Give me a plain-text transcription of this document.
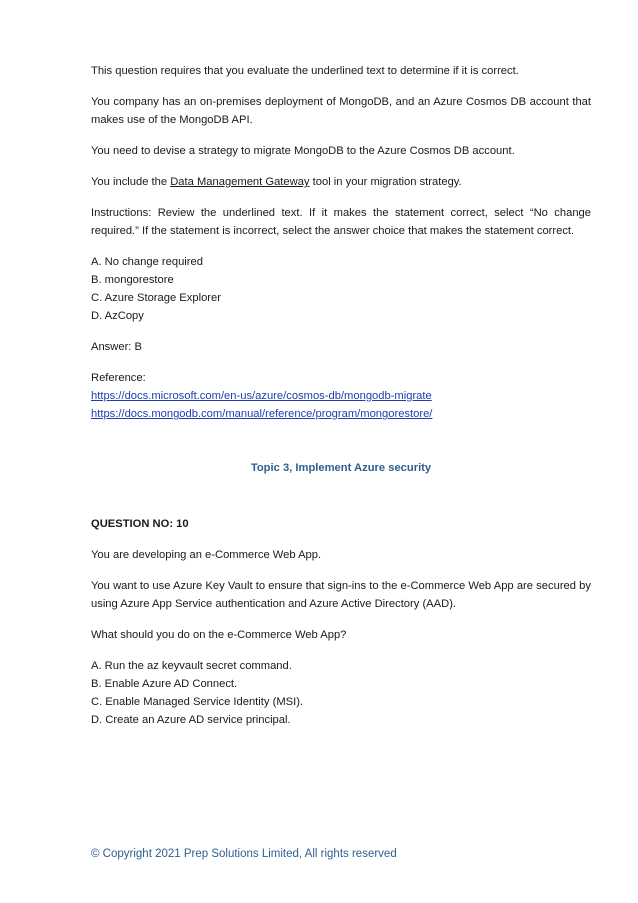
This question requires that you evaluate the underlined text to determine if it is correct.

You company has an on-premises deployment of MongoDB, and an Azure Cosmos DB account that makes use of the MongoDB API.

You need to devise a strategy to migrate MongoDB to the Azure Cosmos DB account.

You include the Data Management Gateway tool in your migration strategy.

Instructions: Review the underlined text. If it makes the statement correct, select “No change required.” If the statement is incorrect, select the answer choice that makes the statement correct.

A. No change required
B. mongorestore
C. Azure Storage Explorer
D. AzCopy

Answer: B

Reference:
https://docs.microsoft.com/en-us/azure/cosmos-db/mongodb-migrate
https://docs.mongodb.com/manual/reference/program/mongorestore/
Topic 3, Implement Azure security

QUESTION NO: 10

You are developing an e-Commerce Web App.

You want to use Azure Key Vault to ensure that sign-ins to the e-Commerce Web App are secured by using Azure App Service authentication and Azure Active Directory (AAD).

What should you do on the e-Commerce Web App?

A. Run the az keyvault secret command.
B. Enable Azure AD Connect.
C. Enable Managed Service Identity (MSI).
D. Create an Azure AD service principal.
© Copyright 2021 Prep Solutions Limited, All rights reserved
